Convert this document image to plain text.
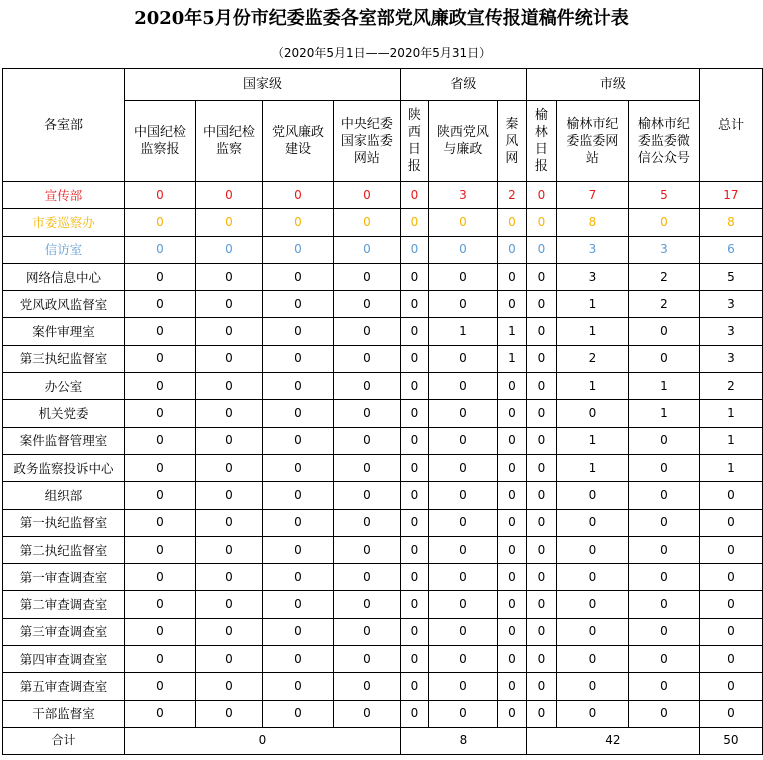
2020年5月份市纪委监委各室部党风廉政宣传报道稿件统计表
（2020年5月1日——2020年5月31日）
各室部	国家级				省级			市级			总计
	中国纪检监察报	中国纪检监察	党风廉政建设	中央纪委国家监委网站	陕西日报	陕西党风与廉政	秦风网	榆林日报	榆林市纪委监委网站	榆林市纪委监委微信公众号	
宣传部	0	0	0	0	0	3	2	0	7	5	17
市委巡察办	0	0	0	0	0	0	0	0	8	0	8
信访室	0	0	0	0	0	0	0	0	3	3	6
网络信息中心	0	0	0	0	0	0	0	0	3	2	5
党风政风监督室	0	0	0	0	0	0	0	0	1	2	3
案件审理室	0	0	0	0	0	1	1	0	1	0	3
第三执纪监督室	0	0	0	0	0	0	1	0	2	0	3
办公室	0	0	0	0	0	0	0	0	1	1	2
机关党委	0	0	0	0	0	0	0	0	0	1	1
案件监督管理室	0	0	0	0	0	0	0	0	1	0	1
政务监察投诉中心	0	0	0	0	0	0	0	0	1	0	1
组织部	0	0	0	0	0	0	0	0	0	0	0
第一执纪监督室	0	0	0	0	0	0	0	0	0	0	0
第二执纪监督室	0	0	0	0	0	0	0	0	0	0	0
第一审查调查室	0	0	0	0	0	0	0	0	0	0	0
第二审查调查室	0	0	0	0	0	0	0	0	0	0	0
第三审查调查室	0	0	0	0	0	0	0	0	0	0	0
第四审查调查室	0	0	0	0	0	0	0	0	0	0	0
第五审查调查室	0	0	0	0	0	0	0	0	0	0	0
干部监督室	0	0	0	0	0	0	0	0	0	0	0
合计	0				8			42			50
